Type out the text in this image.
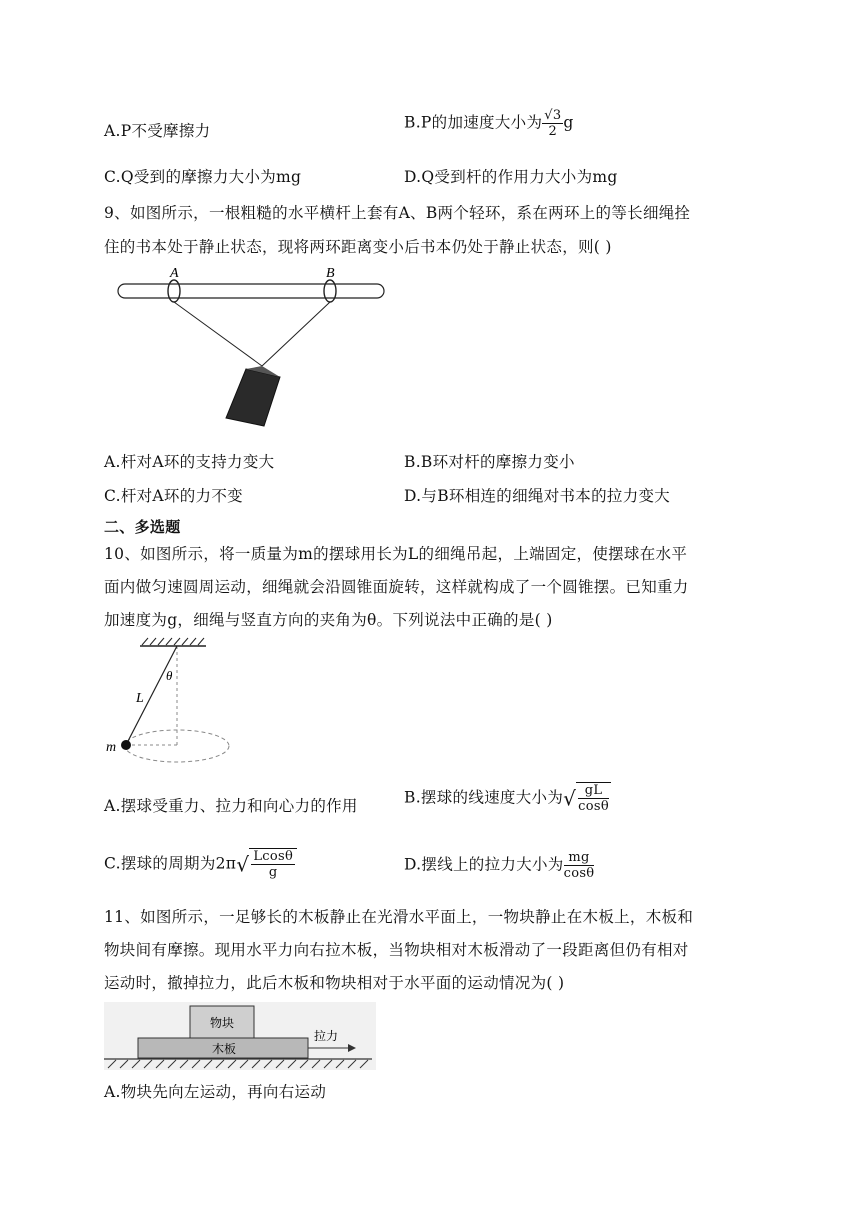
A.P不受摩擦力	B.P的加速度大小为 $\frac{√3}{2}$ g
C.Q受到的摩擦力大小为mg	D.Q受到杆的作用力大小为mg
9、如图所示，一根粗糙的水平横杆上套有A、B两个轻环，系在两环上的等长细绳拴
住的书本处于静止状态，现将两环距离变小后书本仍处于静止状态，则( )
A	B
A.杆对A环的支持力变大	B.B环对杆的摩擦力变小
C.杆对A环的力不变	D.与B环相连的细绳对书本的拉力变大
二、多选题
10、如图所示，将一质量为m的摆球用长为L的细绳吊起，上端固定，使摆球在水平
面内做匀速圆周运动，细绳就会沿圆锥面旋转，这样就构成了一个圆锥摆。已知重力
加速度为g，细绳与竖直方向的夹角为θ。下列说法中正确的是( )
θ
L
m
A.摆球受重力、拉力和向心力的作用	B.摆球的线速度大小为√ $\frac{gL}{\cos\theta}$
C.摆球的周期为$2\pi√ \frac{Lcos\theta}{g}$	D.摆线上的拉力大小为 $\frac{mg}{\cos\theta}$
11、如图所示，一足够长的木板静止在光滑水平面上，一物块静止在木板上，木板和
物块间有摩擦。现用水平力向右拉木板，当物块相对木板滑动了一段距离但仍有相对
运动时，撤掉拉力，此后木板和物块相对于水平面的运动情况为( )
物块
木板
拉力
A.物块先向左运动，再向右运动
